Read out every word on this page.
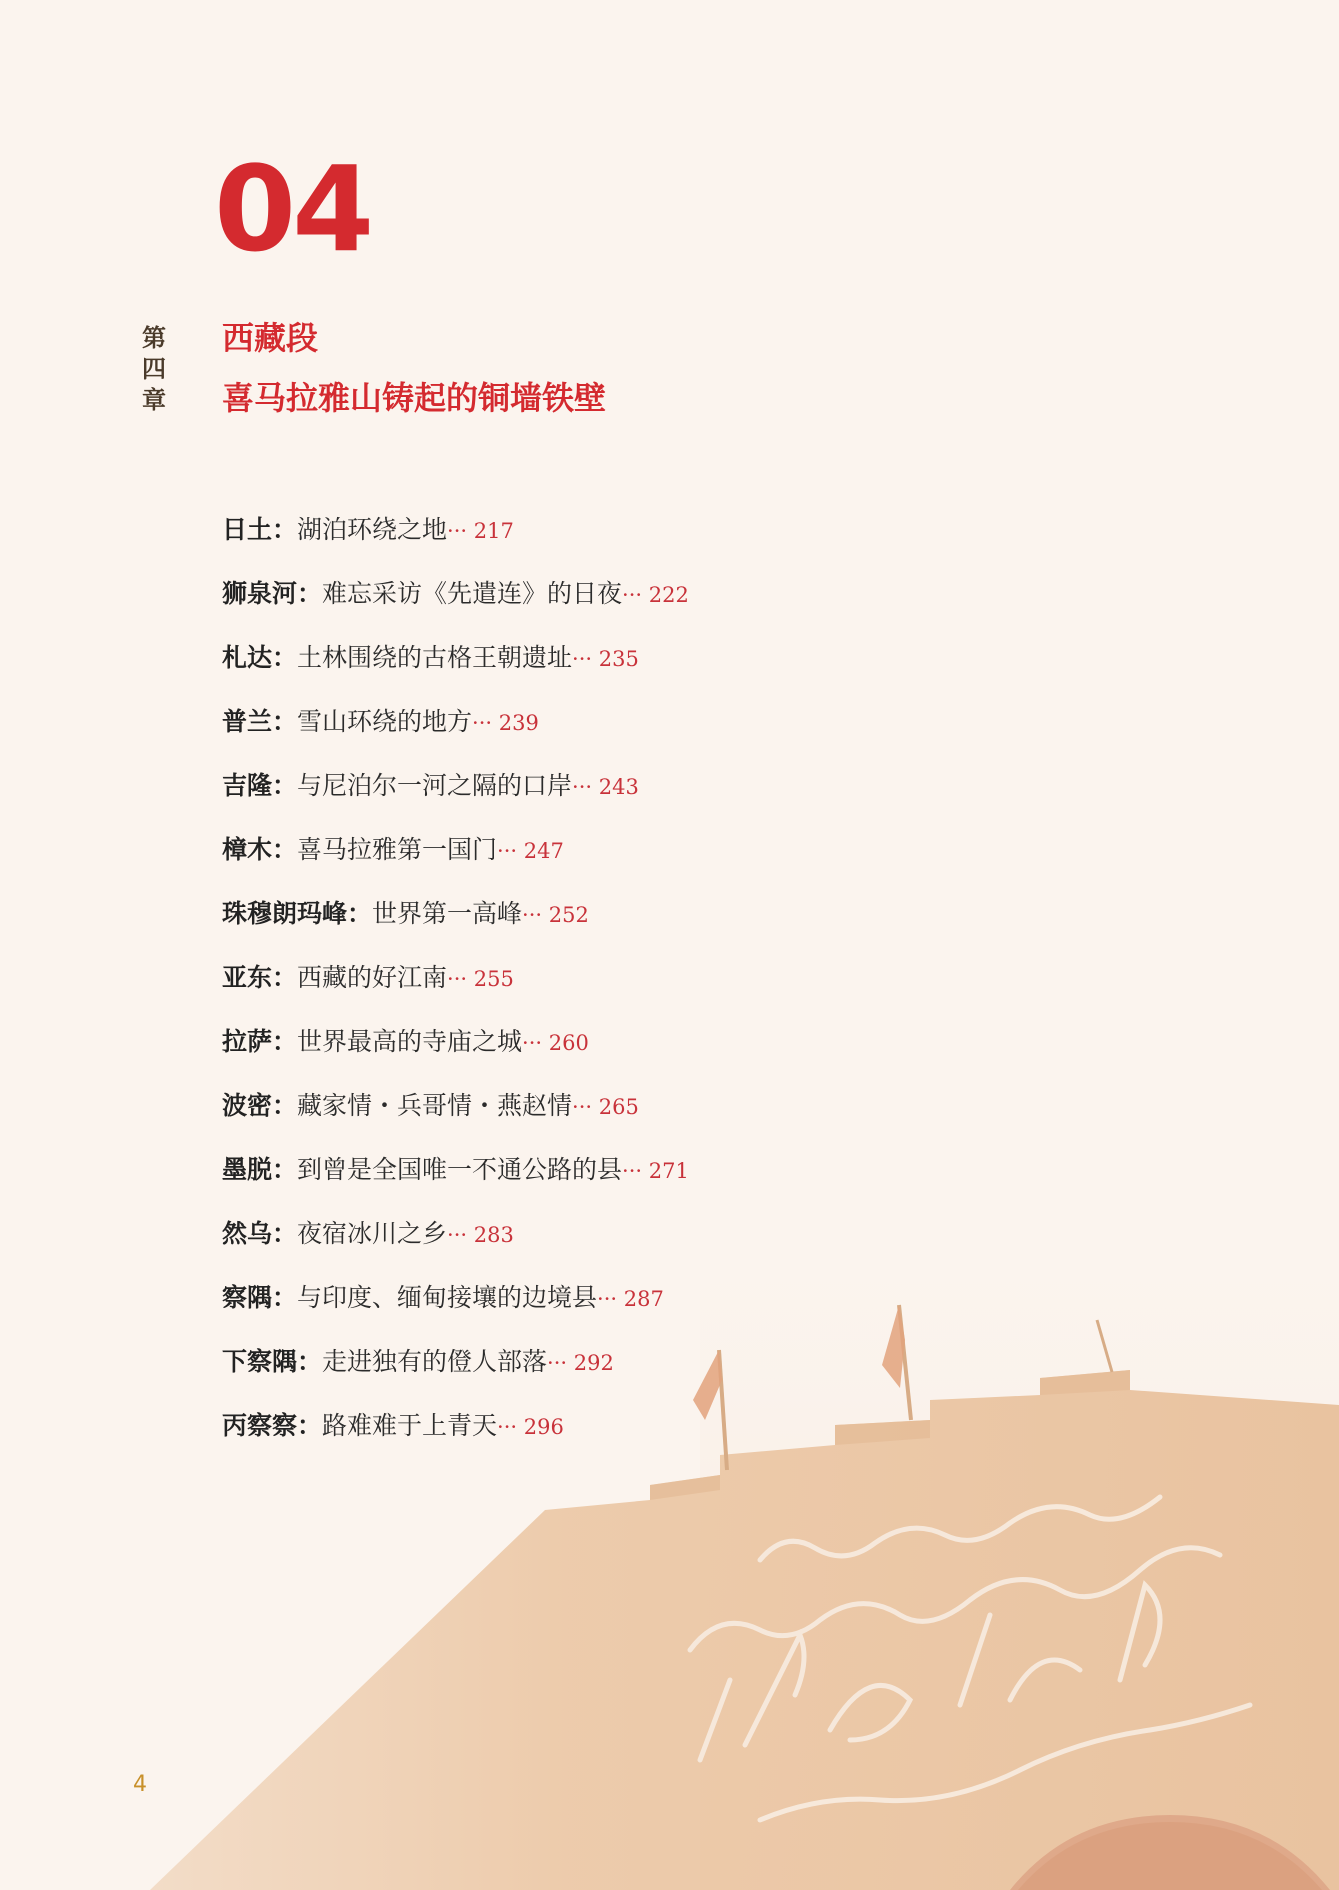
04
第
四
章
西藏段
喜马拉雅山铸起的铜墙铁壁
日土：湖泊环绕之地··· 217
狮泉河：难忘采访《先遣连》的日夜··· 222
札达：土林围绕的古格王朝遗址··· 235
普兰：雪山环绕的地方··· 239
吉隆：与尼泊尔一河之隔的口岸··· 243
樟木：喜马拉雅第一国门··· 247
珠穆朗玛峰：世界第一高峰··· 252
亚东：西藏的好江南··· 255
拉萨：世界最高的寺庙之城··· 260
波密：藏家情・兵哥情・燕赵情··· 265
墨脱：到曾是全国唯一不通公路的县··· 271
然乌：夜宿冰川之乡··· 283
察隅：与印度、缅甸接壤的边境县··· 287
下察隅：走进独有的僜人部落··· 292
丙察察：路难难于上青天··· 296
4
